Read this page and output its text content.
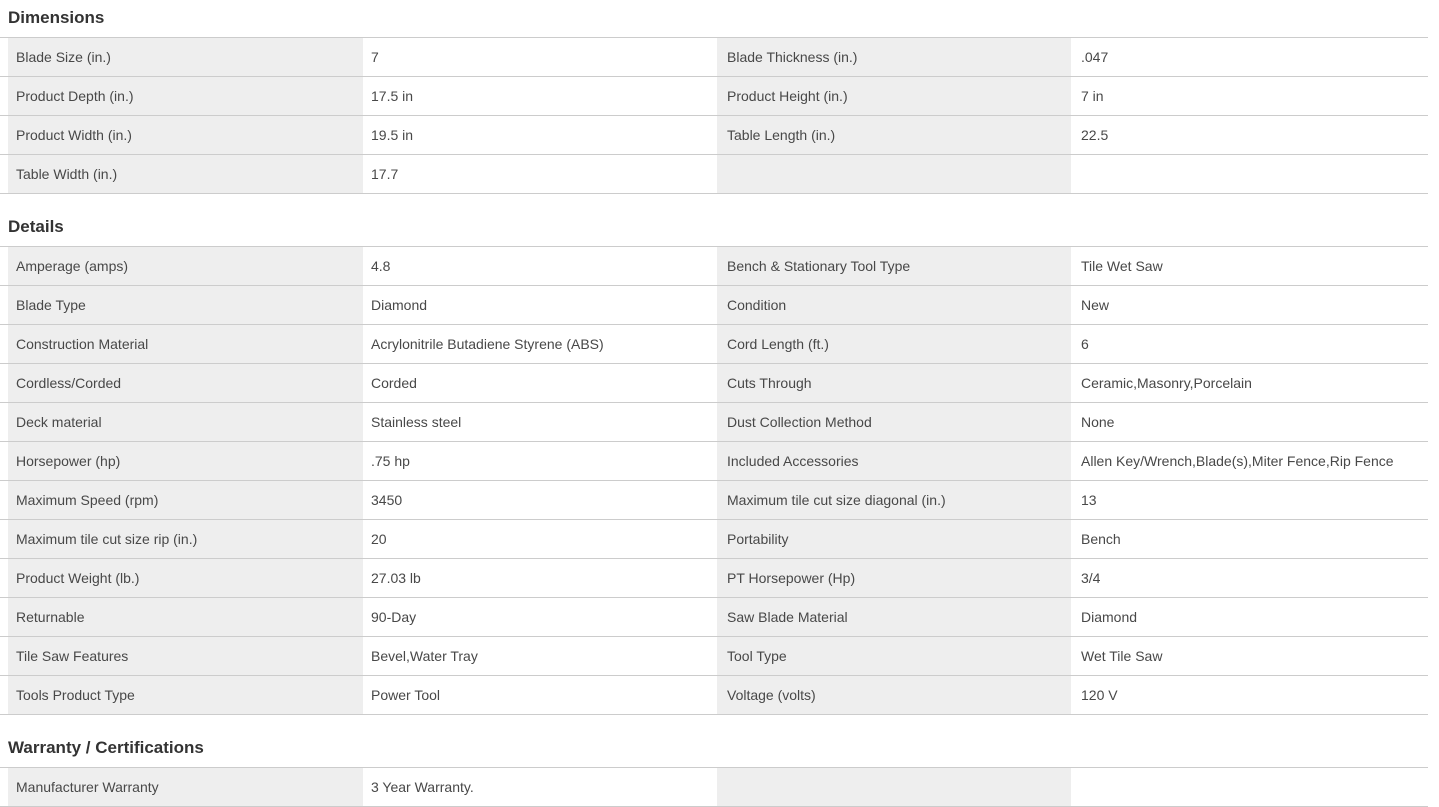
Dimensions
Blade Size (in.)	7	Blade Thickness (in.)	.047
Product Depth (in.)	17.5 in	Product Height (in.)	7 in
Product Width (in.)	19.5 in	Table Length (in.)	22.5
Table Width (in.)	17.7
Details
Amperage (amps)	4.8	Bench & Stationary Tool Type	Tile Wet Saw
Blade Type	Diamond	Condition	New
Construction Material	Acrylonitrile Butadiene Styrene (ABS)	Cord Length (ft.)	6
Cordless/Corded	Corded	Cuts Through	Ceramic,Masonry,Porcelain
Deck material	Stainless steel	Dust Collection Method	None
Horsepower (hp)	.75 hp	Included Accessories	Allen Key/Wrench,Blade(s),Miter Fence,Rip Fence
Maximum Speed (rpm)	3450	Maximum tile cut size diagonal (in.)	13
Maximum tile cut size rip (in.)	20	Portability	Bench
Product Weight (lb.)	27.03 lb	PT Horsepower (Hp)	3/4
Returnable	90-Day	Saw Blade Material	Diamond
Tile Saw Features	Bevel,Water Tray	Tool Type	Wet Tile Saw
Tools Product Type	Power Tool	Voltage (volts)	120 V
Warranty / Certifications
Manufacturer Warranty	3 Year Warranty.
